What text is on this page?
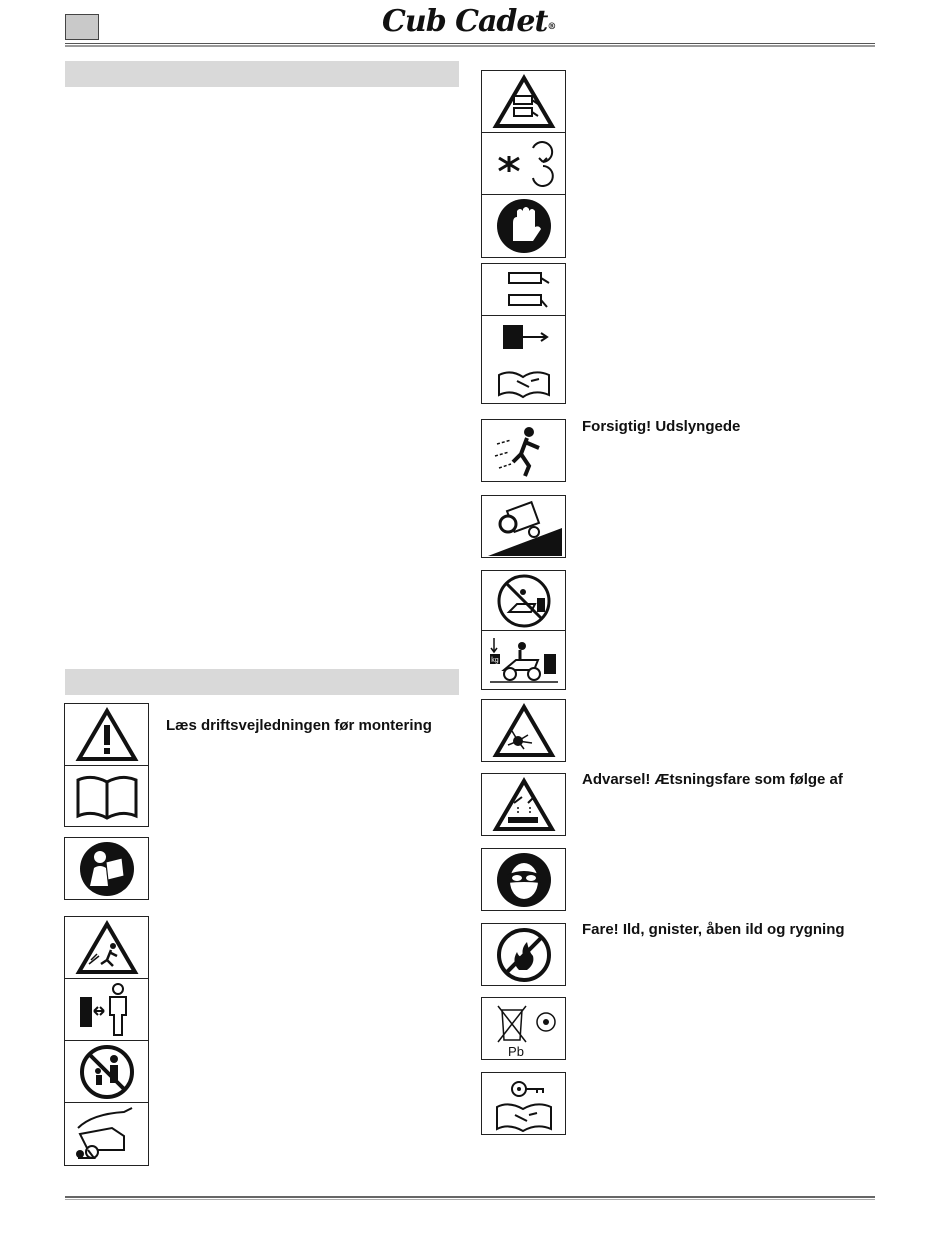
Cub Cadet®
Læs driftsvejledningen før montering
Forsigtig! Udslyngede
kg
Advarsel! Ætsningsfare som følge af
Fare! Ild, gnister, åben ild og rygning
Pb
